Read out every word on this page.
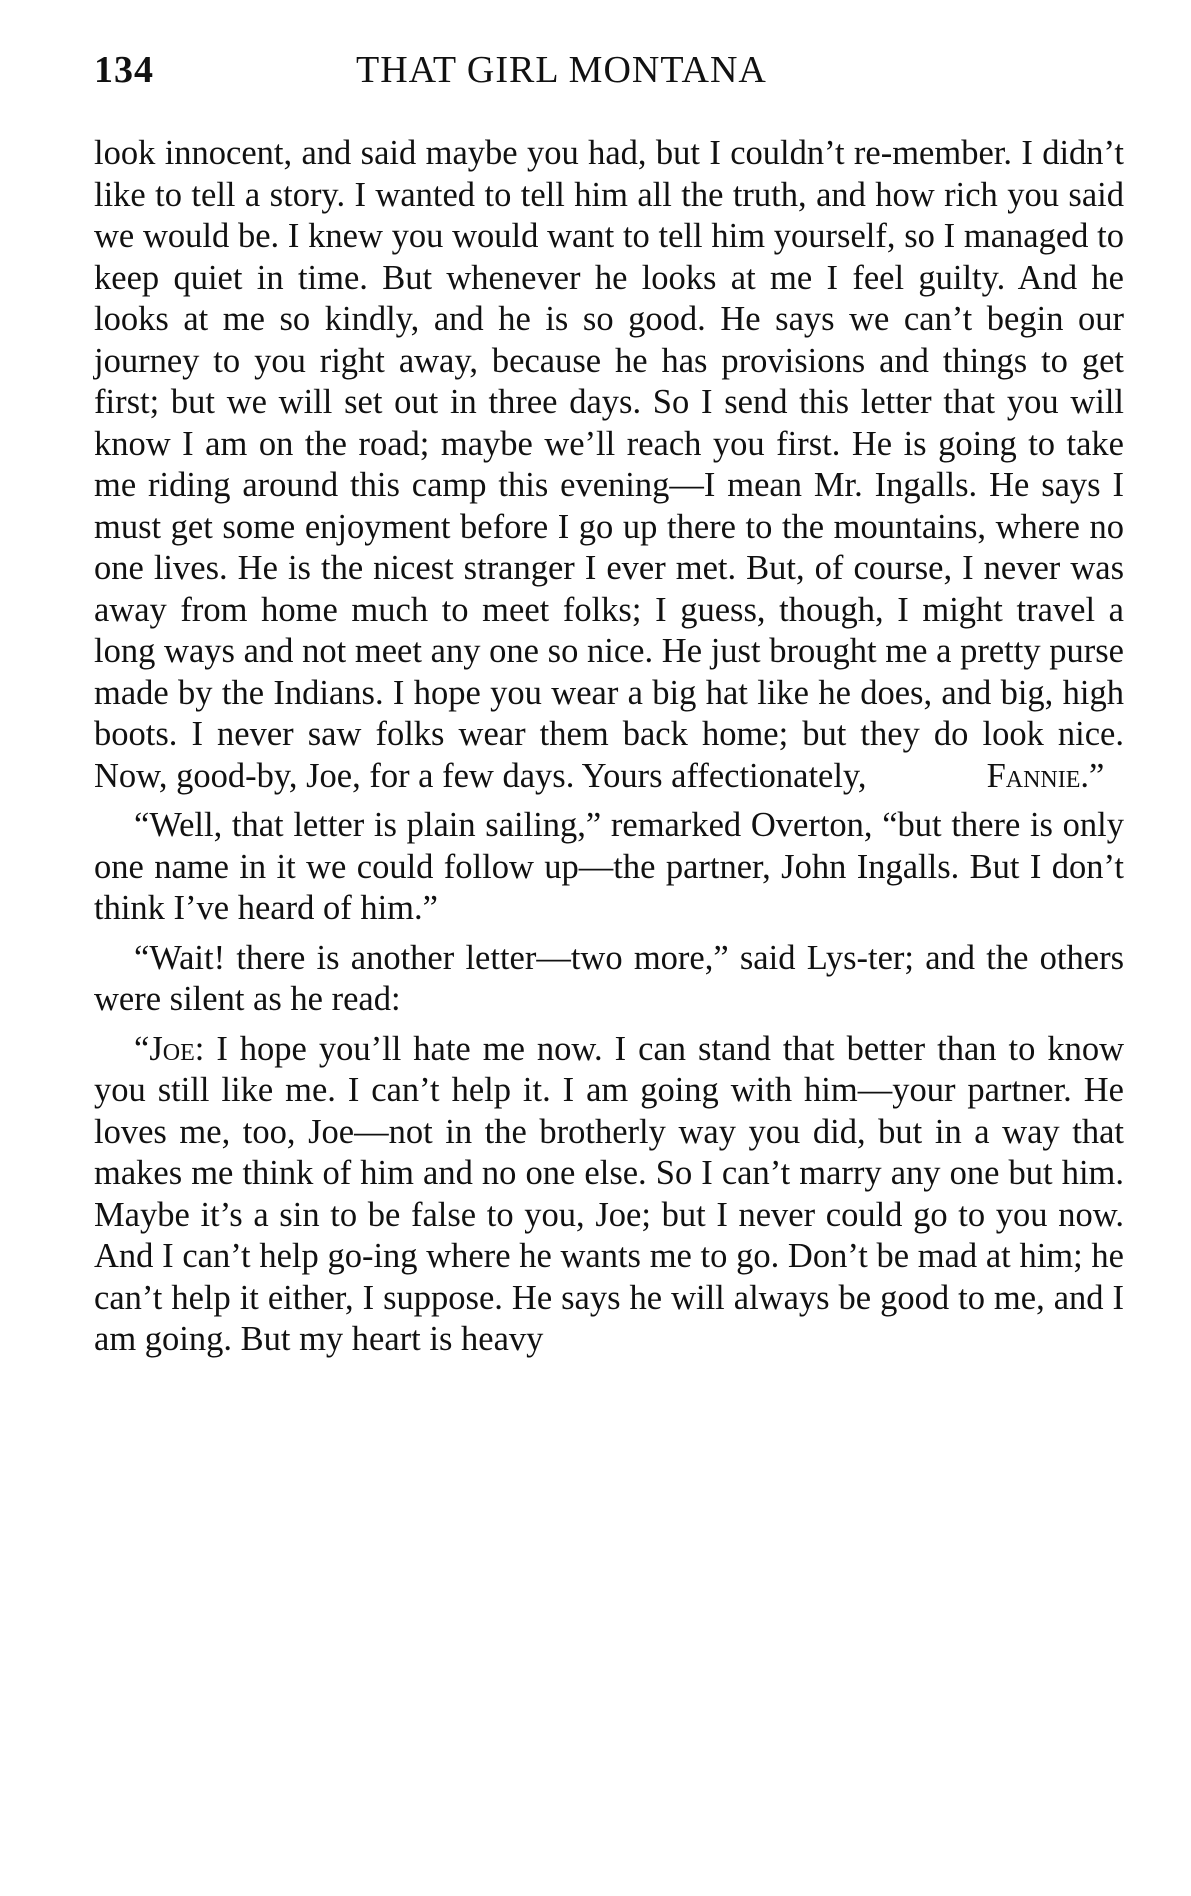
134	THAT GIRL MONTANA

look innocent, and said maybe you had, but I couldn’t re-member. I didn’t like to tell a story. I wanted to tell him all the truth, and how rich you said we would be. I knew you would want to tell him yourself, so I managed to keep quiet in time. But whenever he looks at me I feel guilty. And he looks at me so kindly, and he is so good. He says we can’t begin our journey to you right away, because he has provisions and things to get first; but we will set out in three days. So I send this letter that you will know I am on the road; maybe we’ll reach you first. He is going to take me riding around this camp this evening—I mean Mr. Ingalls. He says I must get some enjoyment before I go up there to the mountains, where no one lives. He is the nicest stranger I ever met. But, of course, I never was away from home much to meet folks; I guess, though, I might travel a long ways and not meet any one so nice. He just brought me a pretty purse made by the Indians. I hope you wear a big hat like he does, and big, high boots. I never saw folks wear them back home; but they do look nice. Now, good-by, Joe, for a few days. Yours affectionately,	Fannie.”

“Well, that letter is plain sailing,” remarked Overton, “but there is only one name in it we could follow up—the partner, John Ingalls. But I don’t think I’ve heard of him.”

“Wait! there is another letter—two more,” said Lys-ter; and the others were silent as he read:

“Joe: I hope you’ll hate me now. I can stand that better than to know you still like me. I can’t help it. I am going with him—your partner. He loves me, too, Joe—not in the brotherly way you did, but in a way that makes me think of him and no one else. So I can’t marry any one but him. Maybe it’s a sin to be false to you, Joe; but I never could go to you now. And I can’t help go-ing where he wants me to go. Don’t be mad at him; he can’t help it either, I suppose. He says he will always be good to me, and I am going. But my heart is heavy
